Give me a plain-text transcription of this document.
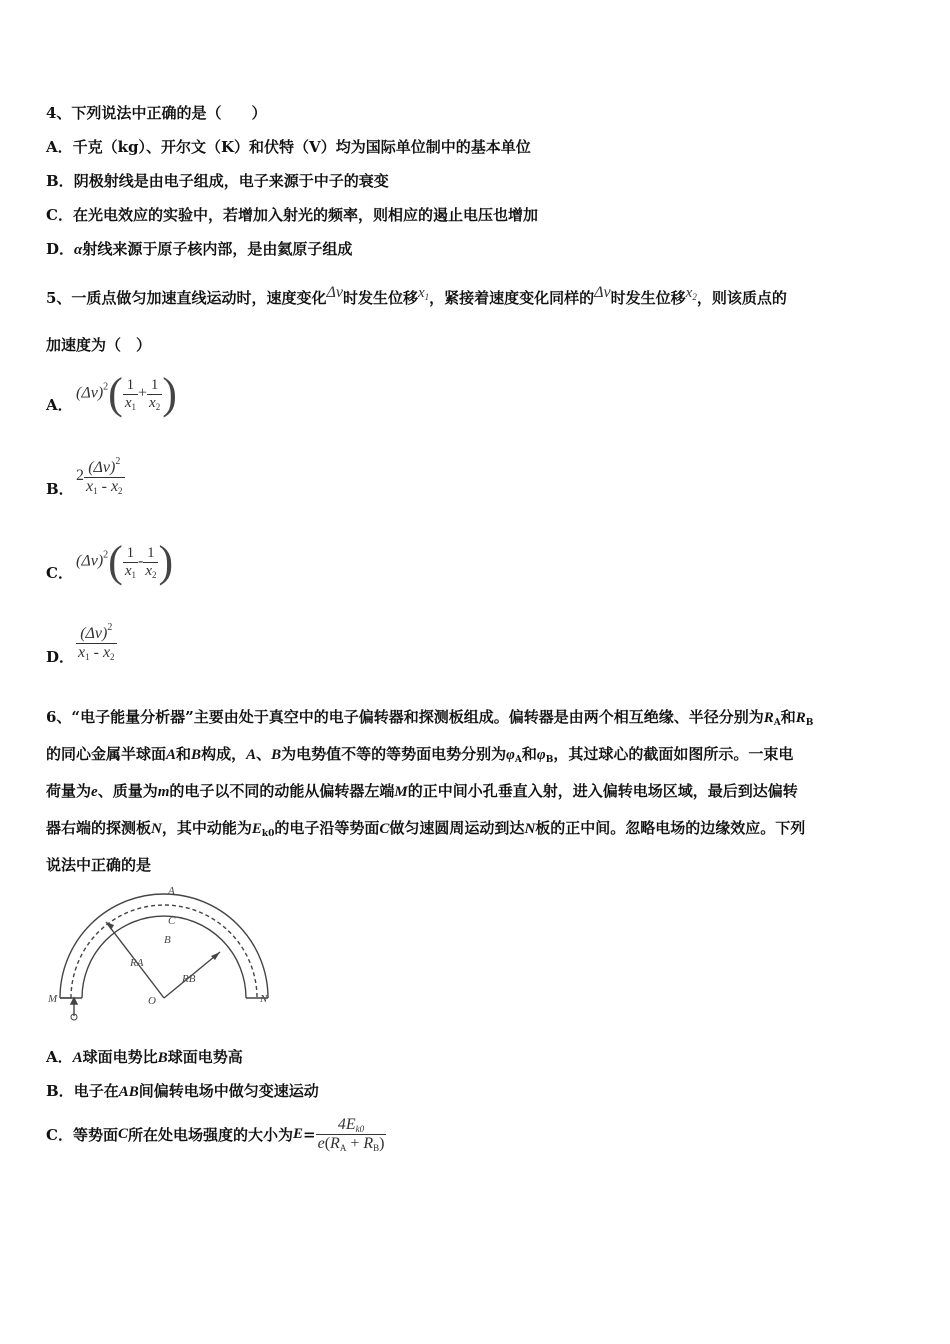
4、下列说法中正确的是（　　）
A．千克（kg）、开尔文（K）和伏特（V）均为国际单位制中的基本单位
B．阴极射线是由电子组成，电子来源于中子的衰变
C．在光电效应的实验中，若增加入射光的频率，则相应的遏止电压也增加
D．α射线来源于原子核内部，是由氦原子组成
5、一质点做匀加速直线运动时，速度变化Δv时发生位移$x_1$，紧接着速度变化同样的Δv时发生位移$x_2$，则该质点的
加速度为（　）
A．
$(\Delta v)^2( \frac{1}{x_1} + \frac{1}{x_2}$ )
B．
$2 \frac{(\Delta v)^2}{x_1 - x_2}$
C．
$(\Delta v)^2( \frac{1}{x_1} - \frac{1}{x_2}$ )
D． $\frac{(\Delta v)^2}{x_1 - x_2}$
6、“电子能量分析器”主要由处于真空中的电子偏转器和探测板组成。偏转器是由两个相互绝缘、半径分别为$R_A$和$R_B$
的同心金属半球面A和B构成，A、B为电势值不等的等势面电势分别为$\varphi_A$和$\varphi_B$，其过球心的截面如图所示。一束电
荷量为e、质量为m的电子以不同的动能从偏转器左端M的正中间小孔垂直入射，进入偏转电场区域，最后到达偏转
器右端的探测板N，其中动能为$E_{k0}$的电子沿等势面C做匀速圆周运动到达N板的正中间。忽略电场的边缘效应。下列
说法中正确的是
A
C
B
RA
RB
O
M	N
A．A球面电势比B球面电势高
B．电子在AB间偏转电场中做匀变速运动
C．等势面C所在处电场强度的大小为$E= \frac{4E_{k0}}{e(R_A + R_B)}$
